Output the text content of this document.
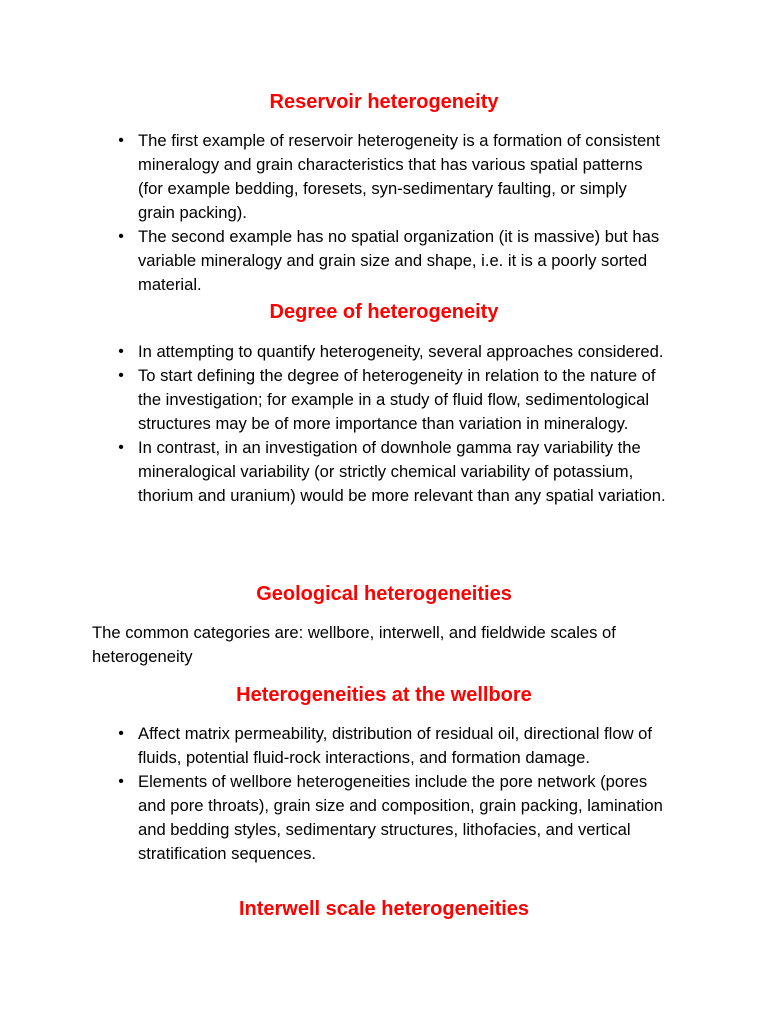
Reservoir heterogeneity
• The first example of reservoir heterogeneity is a formation of consistent mineralogy and grain characteristics that has various spatial patterns (for example bedding, foresets, syn-sedimentary faulting, or simply grain packing).
• The second example has no spatial organization (it is massive) but has variable mineralogy and grain size and shape, i.e. it is a poorly sorted material.
Degree of heterogeneity
• In attempting to quantify heterogeneity, several approaches considered.
• To start defining the degree of heterogeneity in relation to the nature of the investigation; for example in a study of fluid flow, sedimentological structures may be of more importance than variation in mineralogy.
• In contrast, in an investigation of downhole gamma ray variability the mineralogical variability (or strictly chemical variability of potassium, thorium and uranium) would be more relevant than any spatial variation.
Geological heterogeneities

The common categories are: wellbore, interwell, and fieldwide scales of heterogeneity

Heterogeneities at the wellbore
• Affect matrix permeability, distribution of residual oil, directional flow of fluids, potential fluid-rock interactions, and formation damage.
• Elements of wellbore heterogeneities include the pore network (pores and pore throats), grain size and composition, grain packing, lamination and bedding styles, sedimentary structures, lithofacies, and vertical stratification sequences.
Interwell scale heterogeneities
